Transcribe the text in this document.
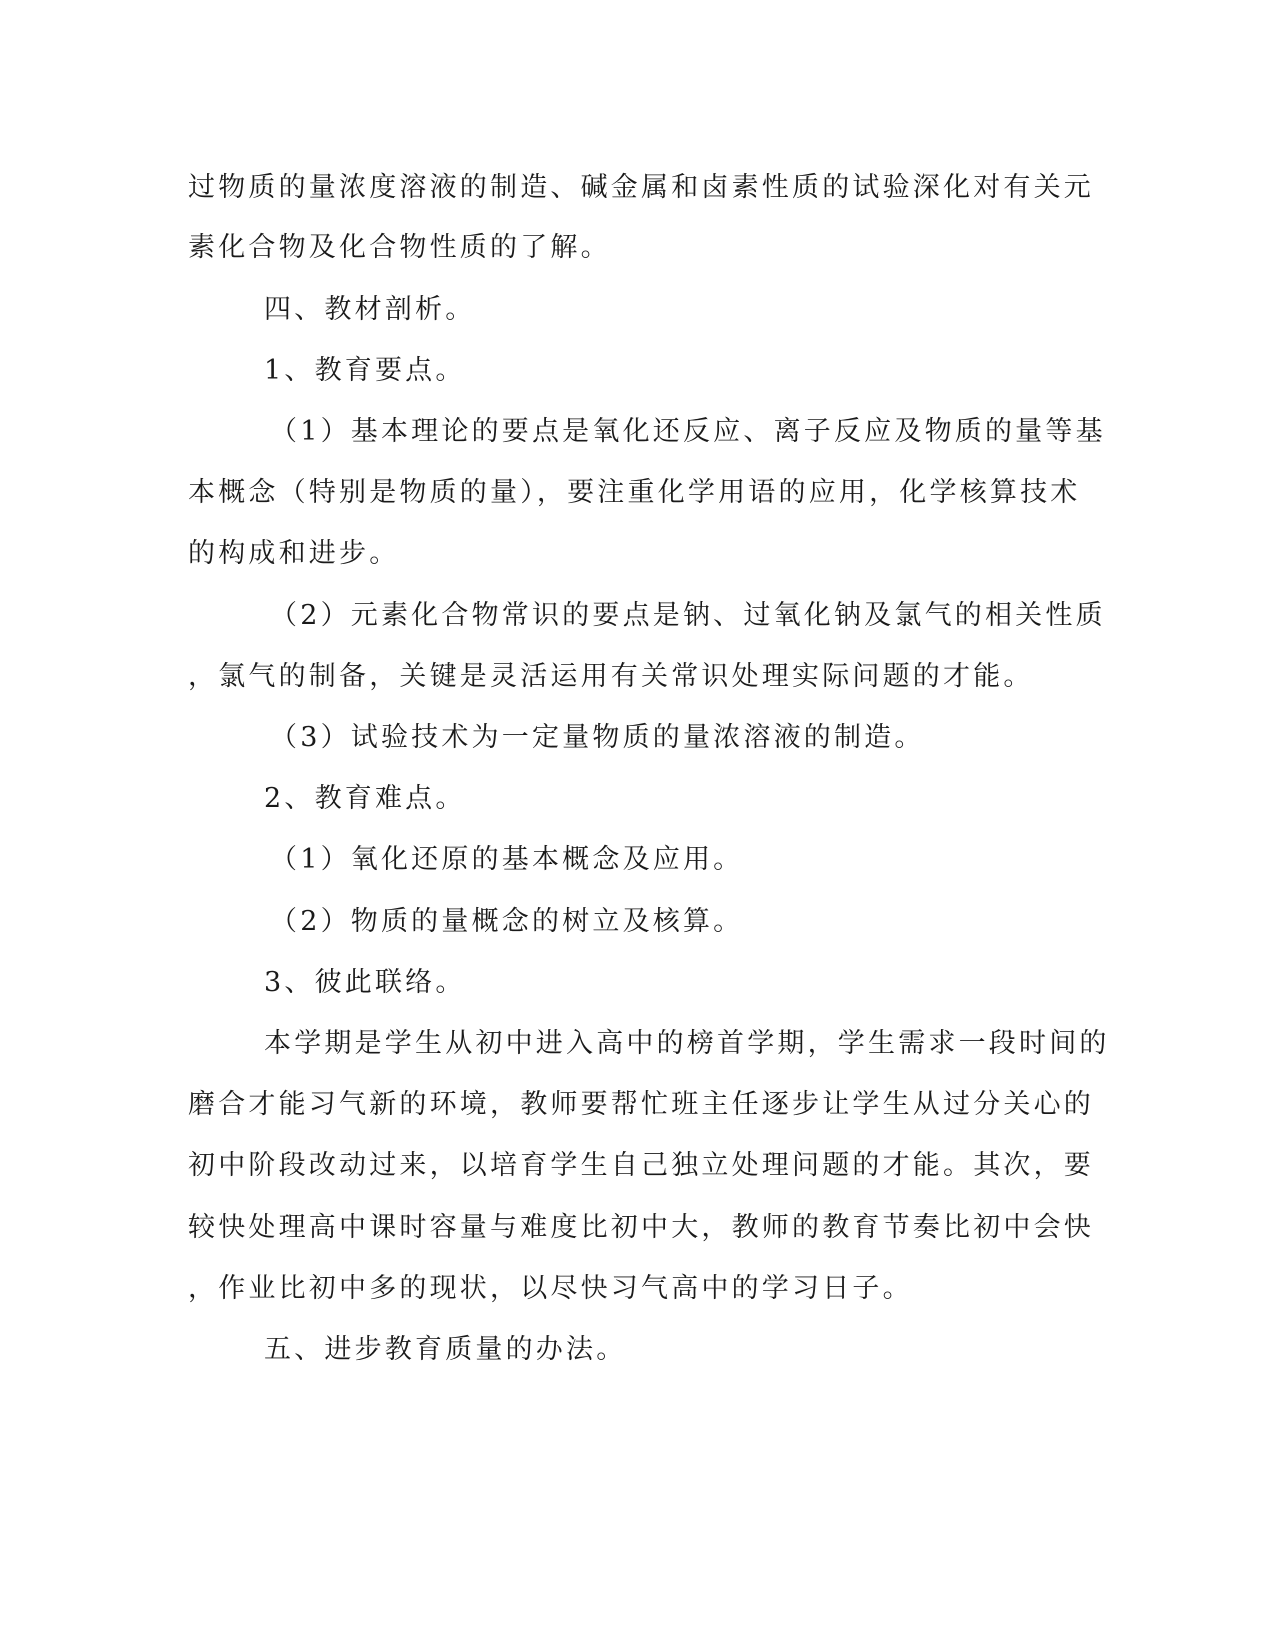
过物质的量浓度溶液的制造、碱金属和卤素性质的试验深化对有关元
素化合物及化合物性质的了解。
四、教材剖析。
1、教育要点。
（1）基本理论的要点是氧化还反应、离子反应及物质的量等基
本概念（特别是物质的量），要注重化学用语的应用，化学核算技术
的构成和进步。
（2）元素化合物常识的要点是钠、过氧化钠及氯气的相关性质
，氯气的制备，关键是灵活运用有关常识处理实际问题的才能。
（3）试验技术为一定量物质的量浓溶液的制造。
2、教育难点。
（1）氧化还原的基本概念及应用。
（2）物质的量概念的树立及核算。
3、彼此联络。
本学期是学生从初中进入高中的榜首学期，学生需求一段时间的
磨合才能习气新的环境，教师要帮忙班主任逐步让学生从过分关心的
初中阶段改动过来，以培育学生自己独立处理问题的才能。其次，要
较快处理高中课时容量与难度比初中大，教师的教育节奏比初中会快
，作业比初中多的现状，以尽快习气高中的学习日子。
五、进步教育质量的办法。
